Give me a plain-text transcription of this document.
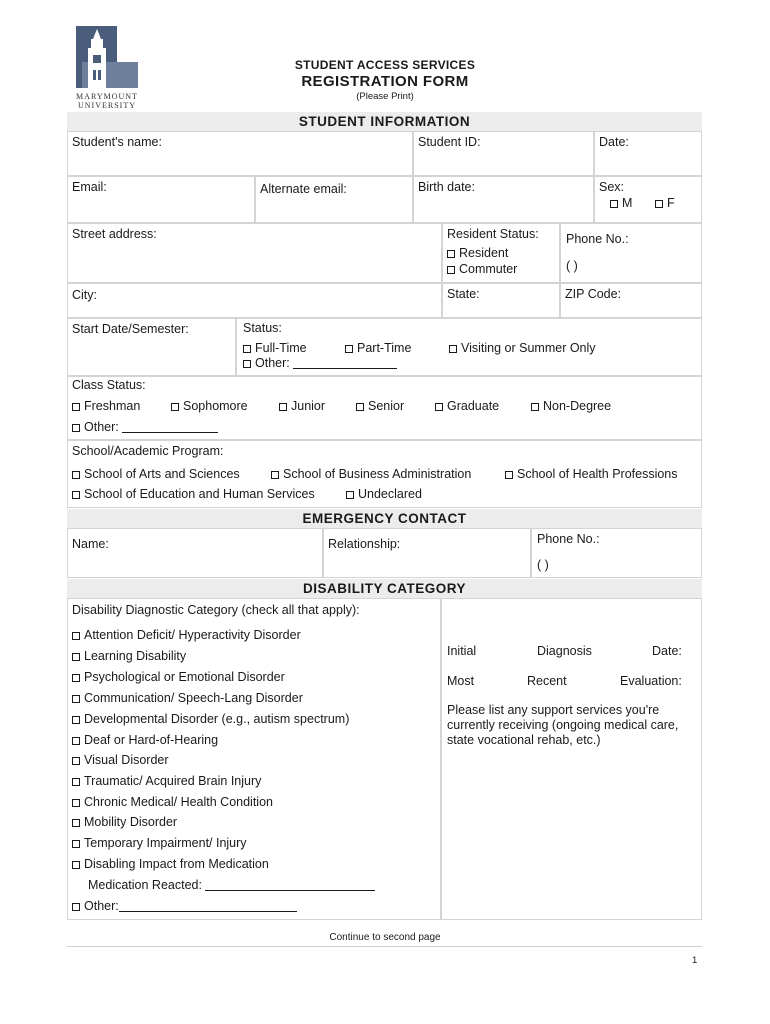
MARYMOUNT UNIVERSITY
STUDENT ACCESS SERVICES
REGISTRATION FORM
(Please Print)
STUDENT INFORMATION
Student's name:	Student ID:	Date:
Email:	Alternate email:	Birth date:	Sex:
M	F
Street address:	Resident Status:
Resident
Commuter
Phone No.:
( )
City:	State:	ZIP Code:
Start Date/Semester:	Status:
Full-Time	Part-Time	Visiting or Summer Only
Other:
Class Status:
Freshman	Sophomore	Junior	Senior	Graduate	Non-Degree
Other:
School/Academic Program:
School of Arts and Sciences	School of Business Administration	School of Health Professions
School of Education and Human Services	Undeclared
EMERGENCY CONTACT
Name:	Relationship:	Phone No.:
( )
DISABILITY CATEGORY
Disability Diagnostic Category (check all that apply):
Attention Deficit/ Hyperactivity Disorder
Learning Disability
Psychological or Emotional Disorder
Communication/ Speech-Lang Disorder
Developmental Disorder (e.g., autism spectrum)
Deaf or Hard-of-Hearing
Visual Disorder
Traumatic/ Acquired Brain Injury
Chronic Medical/ Health Condition
Mobility Disorder
Temporary Impairment/ Injury
Disabling Impact from Medication
Medication Reacted:
Other:
Initial	Diagnosis	Date:
Most	Recent	Evaluation:
Please list any support services you're
currently receiving (ongoing medical care,
state vocational rehab, etc.)
Continue to second page
1
